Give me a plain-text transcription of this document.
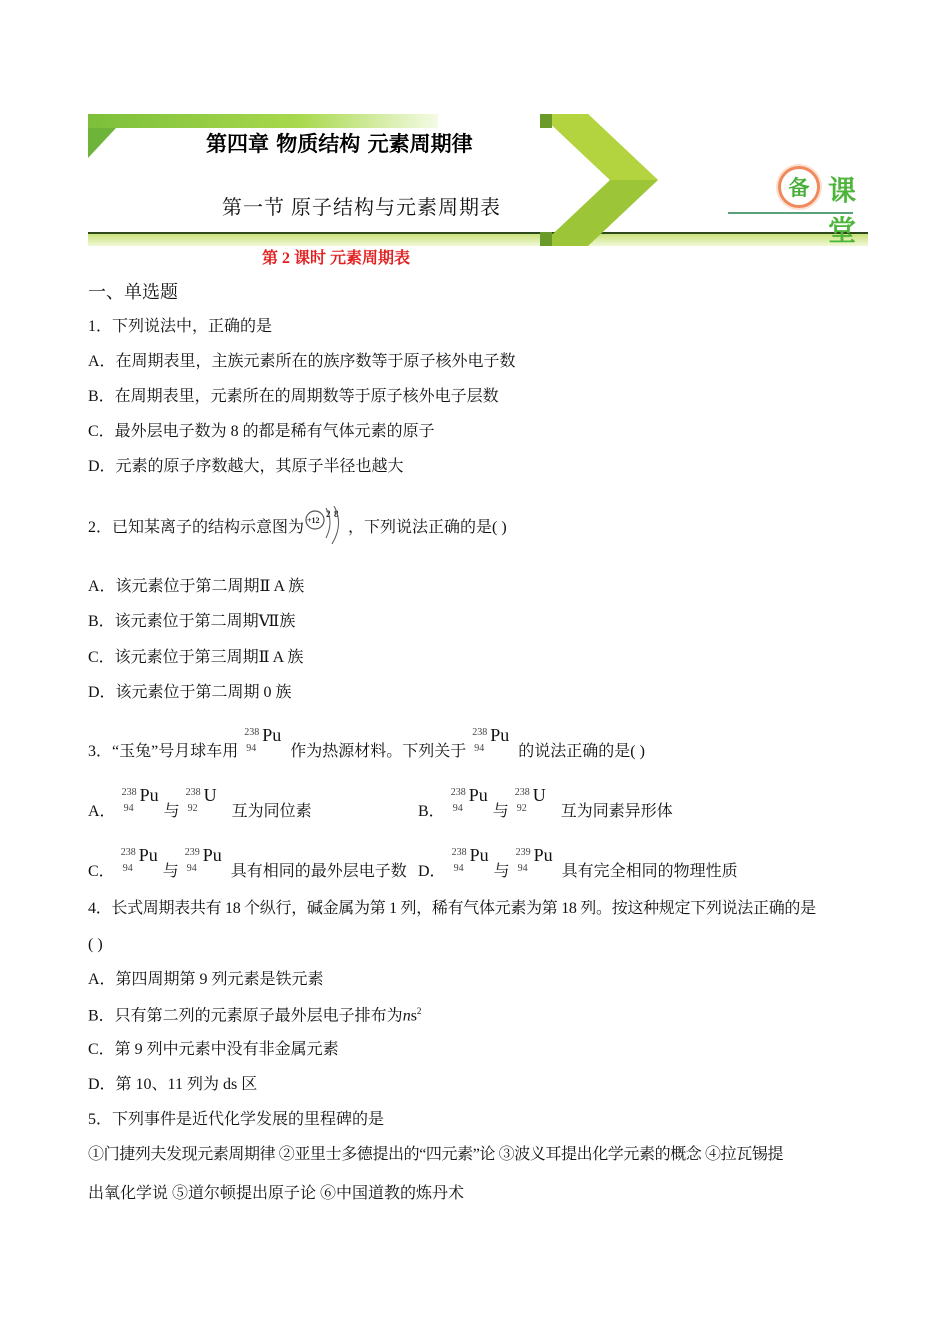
第四章 物质结构 元素周期律
第一节 原子结构与元素周期表
备 课堂
第 2 课时 元素周期表
一、单选题
1．下列说法中，正确的是
A．在周期表里，主族元素所在的族序数等于原子核外电子数
B．在周期表里，元素所在的周期数等于原子核外电子层数
C．最外层电子数为 8 的都是稀有气体元素的原子
D．元素的原子序数越大，其原子半径也越大
2．已知某离子的结构示意图为 +12
2 8
，下列说法正确的是( )
A．该元素位于第二周期Ⅱ A 族
B．该元素位于第二周期Ⅶ族
C．该元素位于第三周期Ⅱ A 族
D．该元素位于第二周期 0 族
3．“玉兔”号月球车用
238
94
Pu
作为热源材料。下列关于
238
94
Pu
的说法正确的是( )
A．
238
94
Pu
与
238
92
U
互为同位素	B．
238
94
Pu
与
238
92
U
互为同素异形体
C．
238
94
Pu
与
239
94
Pu
具有相同的最外层电子数 D．
238
94
Pu
与
239
94
Pu
具有完全相同的物理性质
4．长式周期表共有 18 个纵行，碱金属为第 1 列，稀有气体元素为第 18 列。按这种规定下列说法正确的是
( )
A．第四周期第 9 列元素是铁元素
B．只有第二列的元素原子最外层电子排布为$ns^2$
C．第 9 列中元素中没有非金属元素
D．第 10、11 列为 ds 区
5．下列事件是近代化学发展的里程碑的是
①门捷列夫发现元素周期律 ②亚里士多德提出的“四元素”论 ③波义耳提出化学元素的概念 ④拉瓦锡提
出氧化学说 ⑤道尔顿提出原子论 ⑥中国道教的炼丹术
